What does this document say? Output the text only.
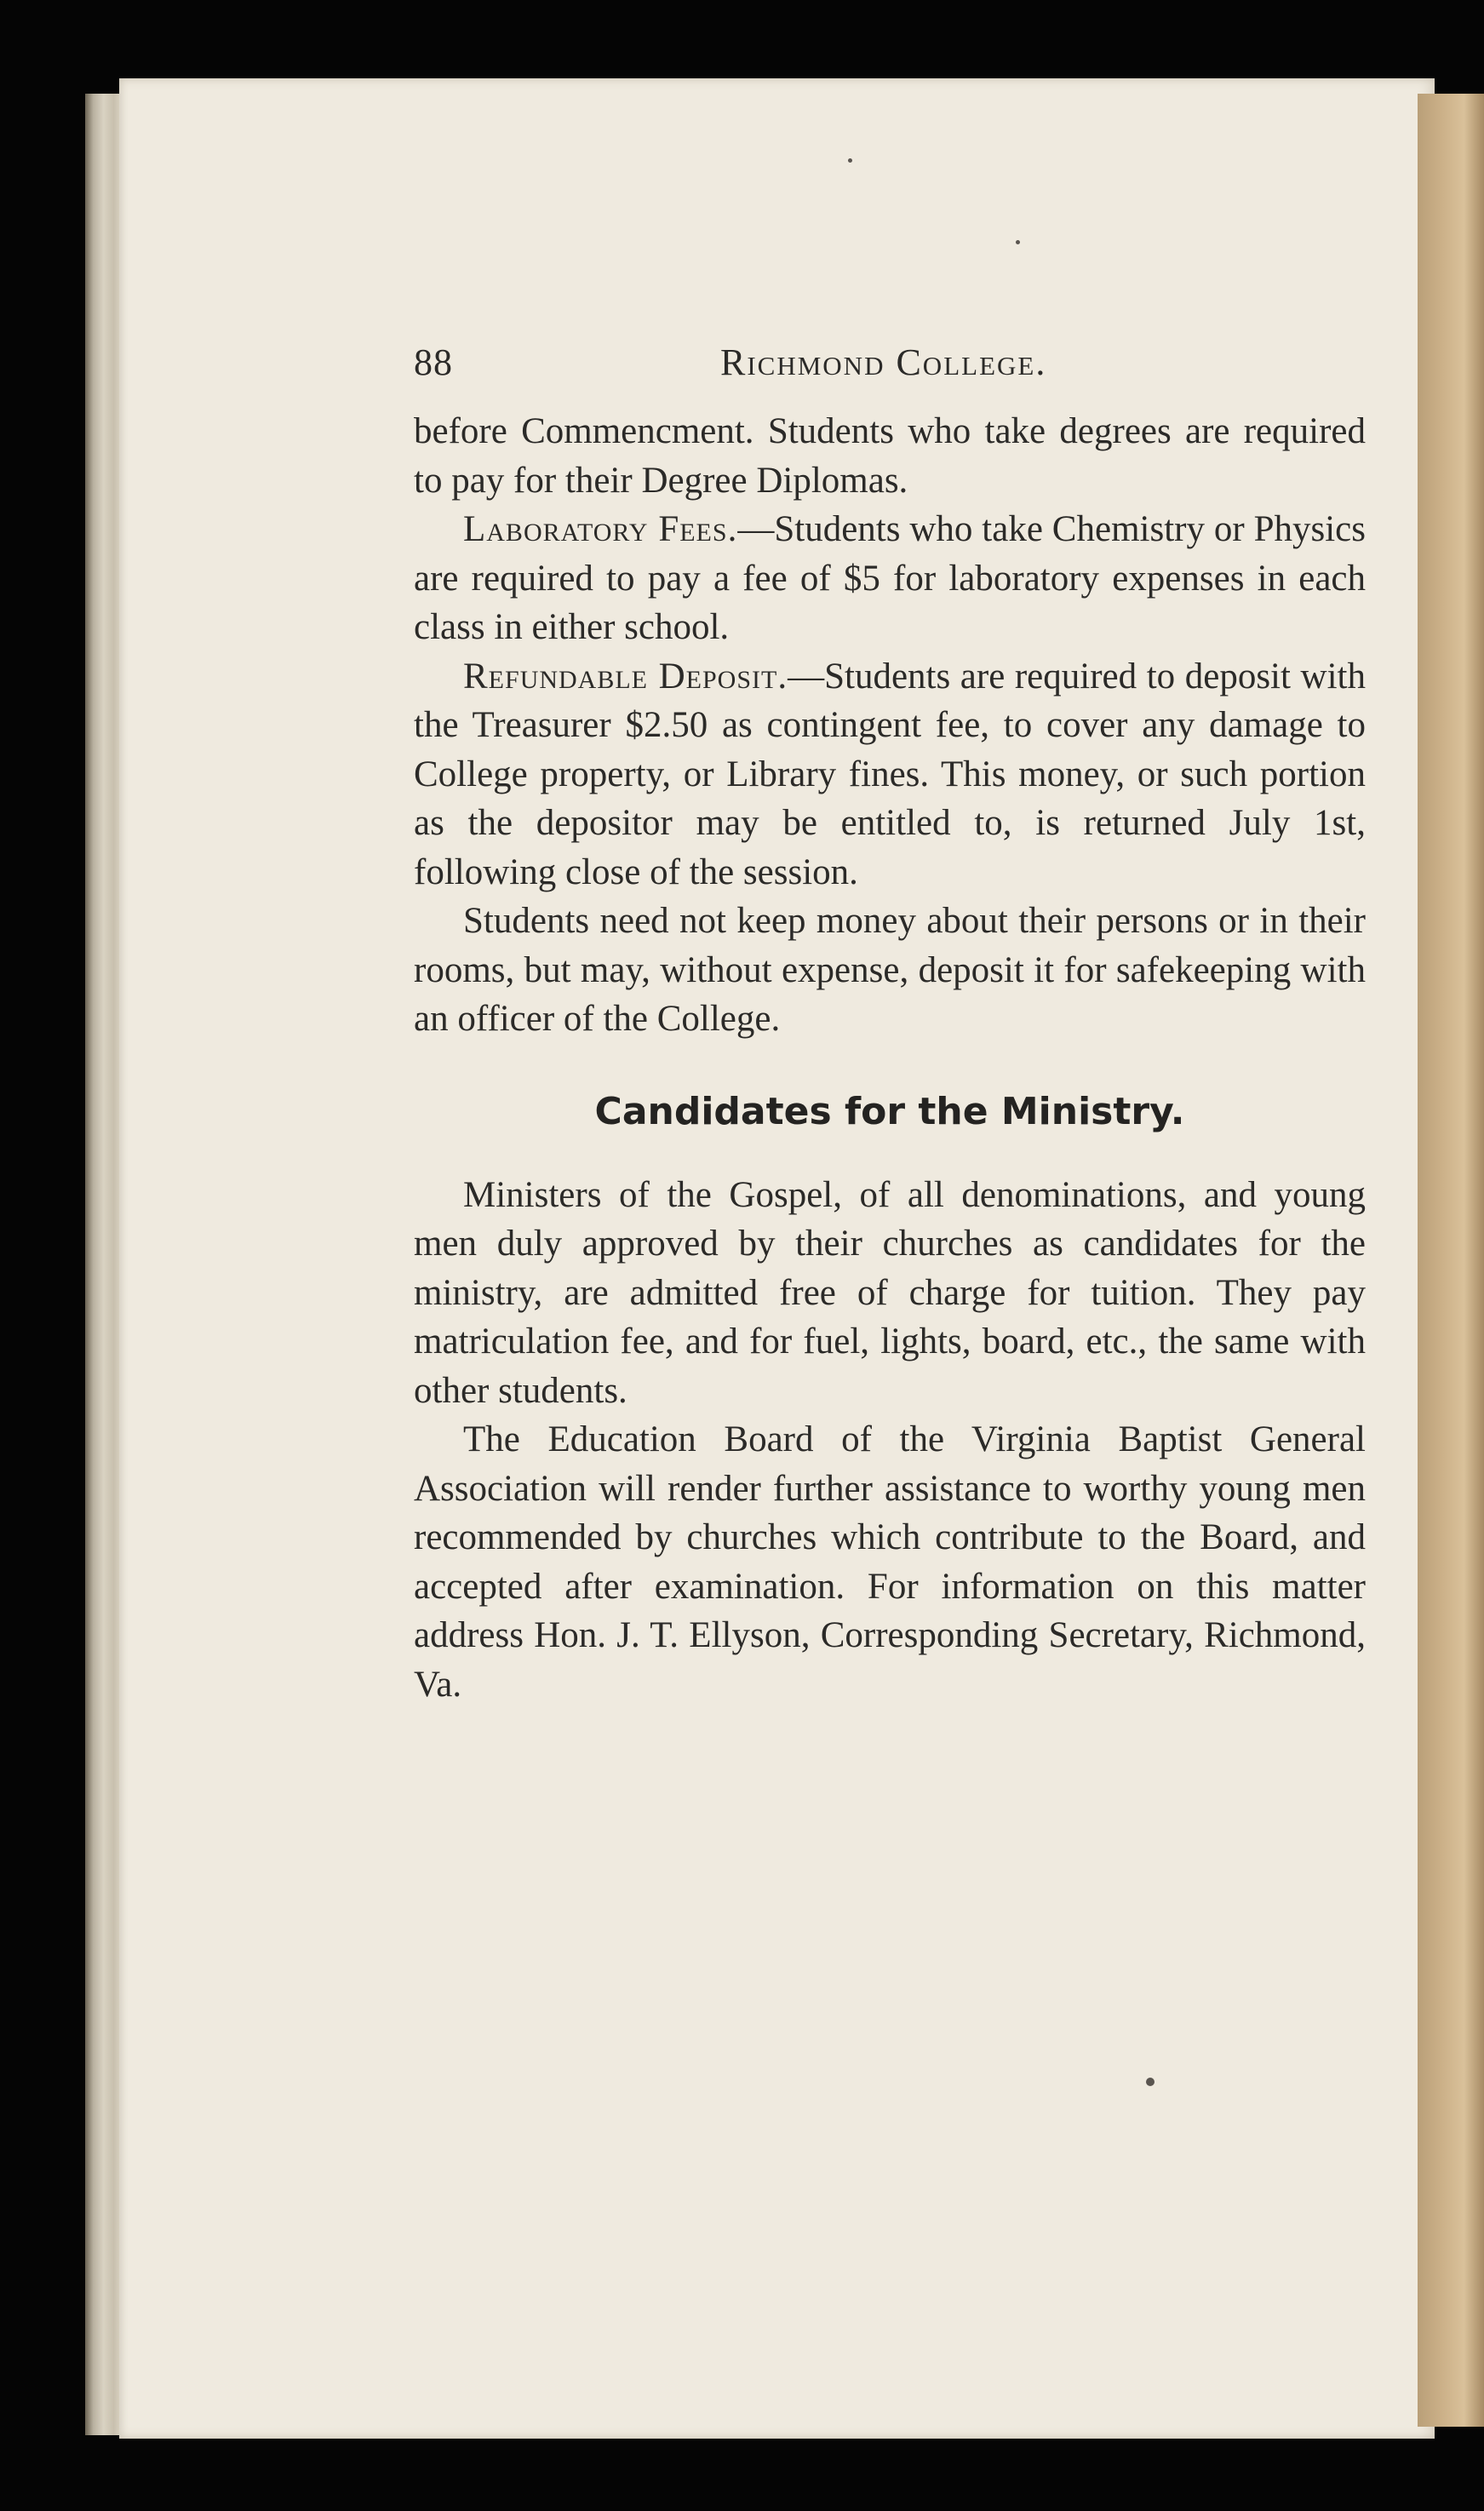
88	Richmond College.

before Commencment. Students who take degrees are required to pay for their Degree Diplomas.

Laboratory Fees.—Students who take Chemistry or Physics are required to pay a fee of $5 for laboratory expenses in each class in either school.

Refundable Deposit.—Students are required to deposit with the Treasurer $2.50 as contingent fee, to cover any damage to College property, or Library fines. This money, or such portion as the depositor may be entitled to, is returned July 1st, following close of the session.

Students need not keep money about their persons or in their rooms, but may, without expense, deposit it for safekeeping with an officer of the College.

Candidates for the Ministry.

Ministers of the Gospel, of all denominations, and young men duly approved by their churches as candidates for the ministry, are admitted free of charge for tuition. They pay matriculation fee, and for fuel, lights, board, etc., the same with other students.

The Education Board of the Virginia Baptist General Association will render further assistance to worthy young men recommended by churches which contribute to the Board, and accepted after examination. For information on this matter address Hon. J. T. Ellyson, Corresponding Secretary, Richmond, Va.
